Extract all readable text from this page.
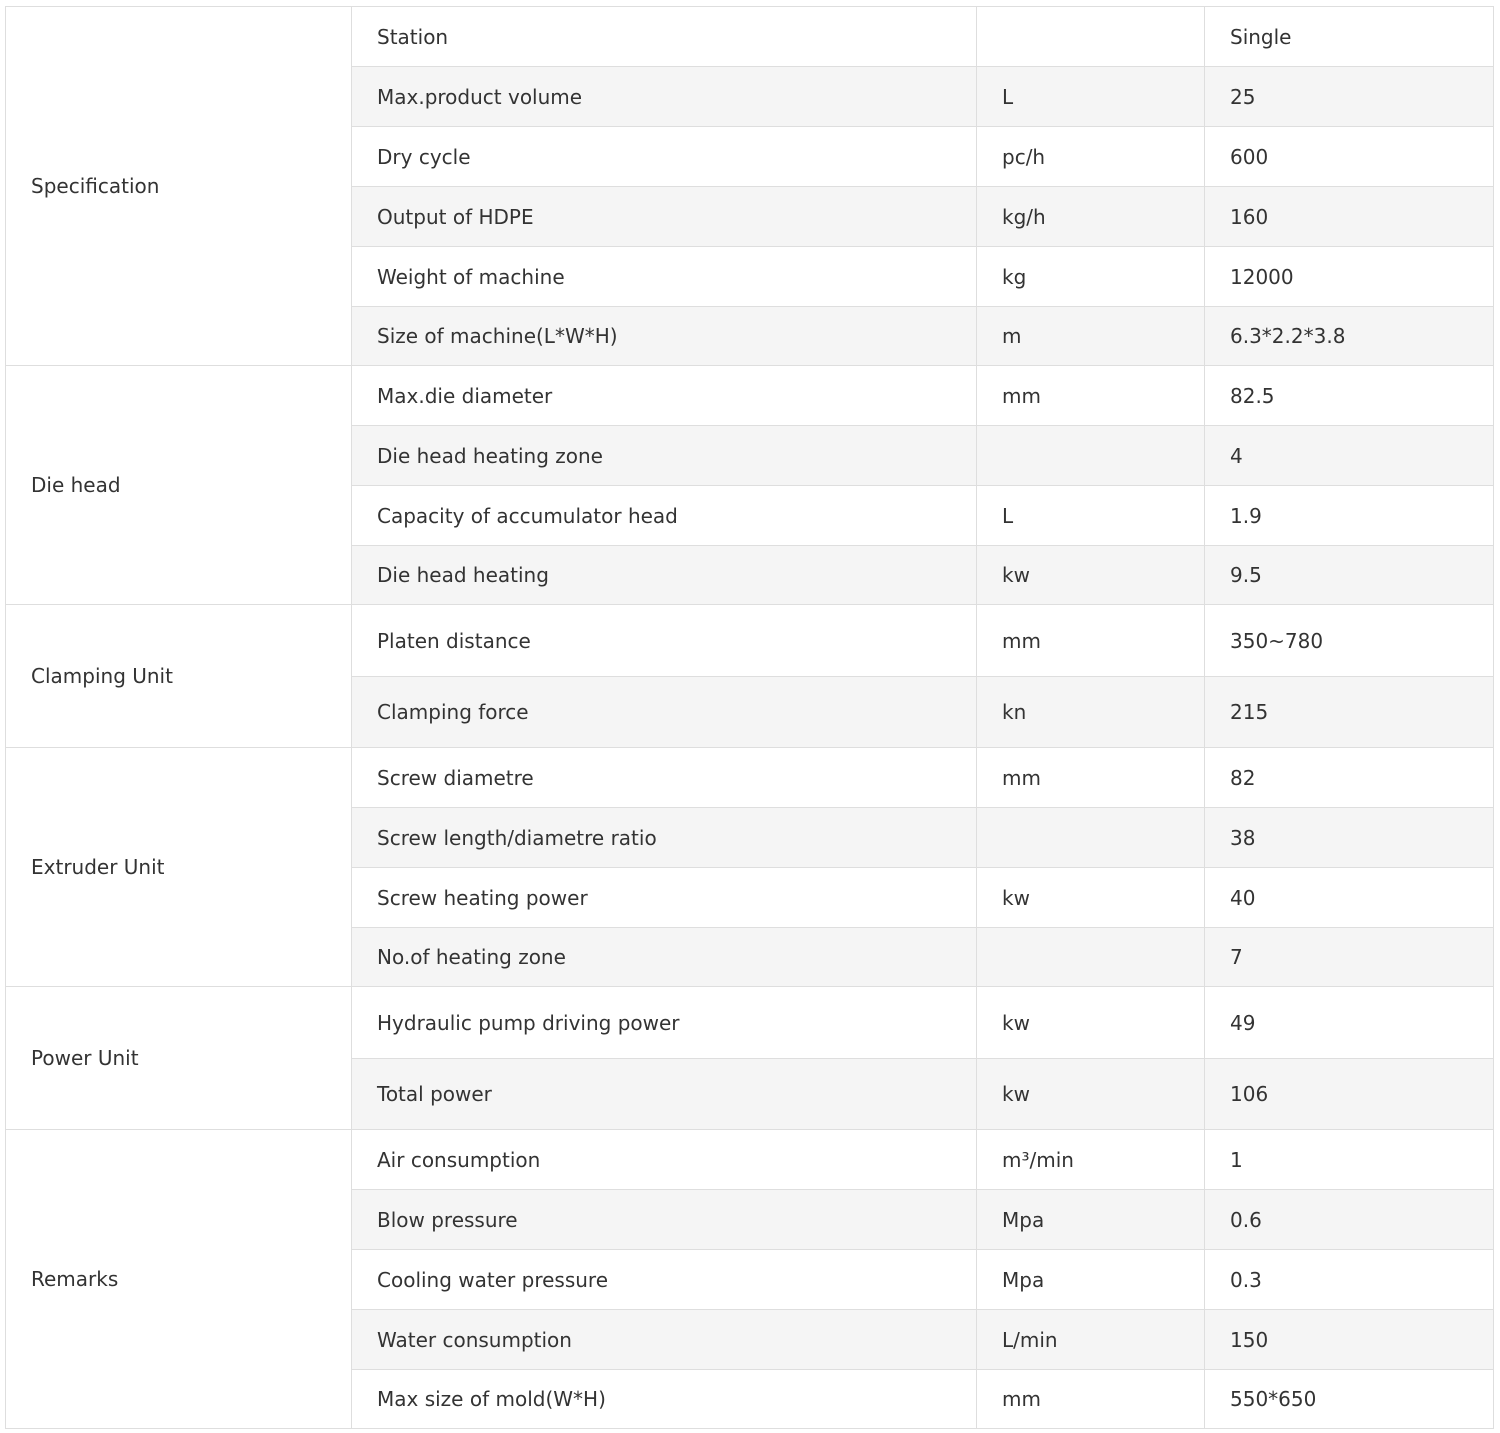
Specification	Station		Single
	Max.product volume	L	25
	Dry cycle	pc/h	600
	Output of HDPE	kg/h	160
	Weight of machine	kg	12000
	Size of machine(L*W*H)	m	6.3*2.2*3.8
Die head	Max.die diameter	mm	82.5
	Die head heating zone		4
	Capacity of accumulator head	L	1.9
	Die head heating	kw	9.5
Clamping Unit	Platen distance	mm	350~780
	Clamping force	kn	215
Extruder Unit	Screw diametre	mm	82
	Screw length/diametre ratio		38
	Screw heating power	kw	40
	No.of heating zone		7
Power Unit	Hydraulic pump driving power	kw	49
	Total power	kw	106
Remarks	Air consumption	m³/min	1
	Blow pressure	Mpa	0.6
	Cooling water pressure	Mpa	0.3
	Water consumption	L/min	150
	Max size of mold(W*H)	mm	550*650
